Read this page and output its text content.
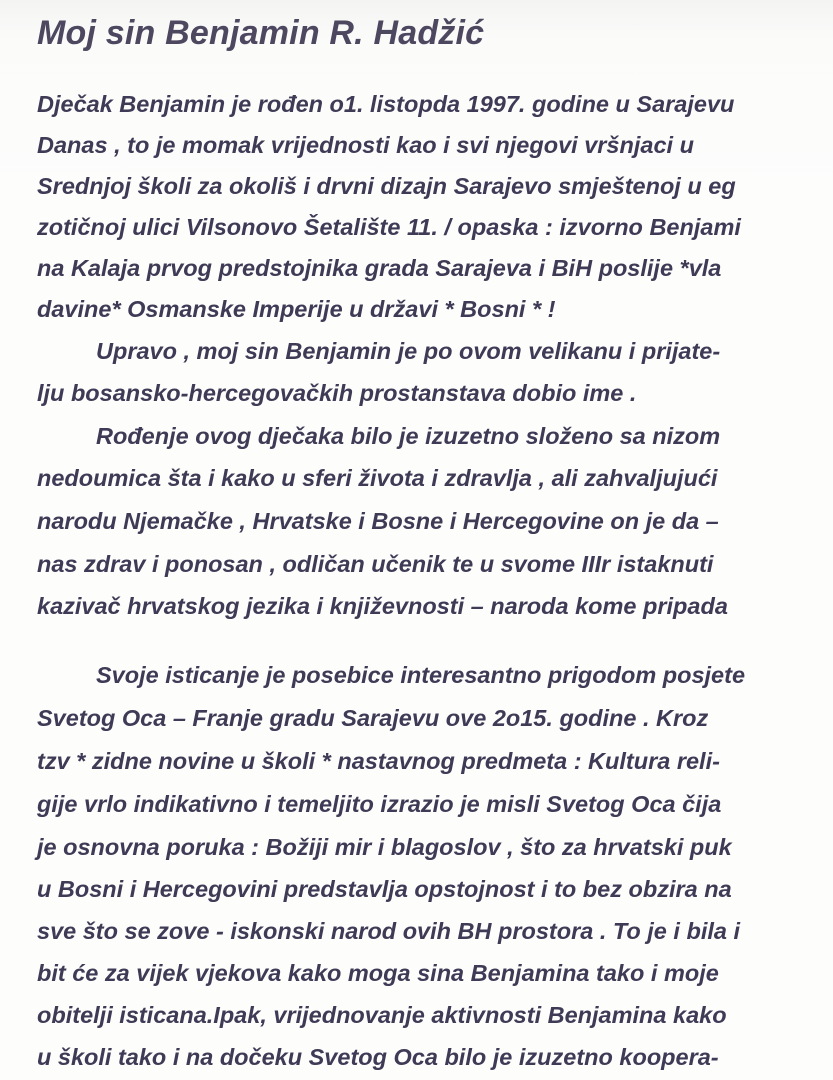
Moj sin Benjamin R. Hadžić
Dječak Benjamin je rođen o1. listopda 1997. godine u Sarajevu
Danas , to je momak vrijednosti kao i svi njegovi vršnjaci u
Srednjoj školi za okoliš i drvni dizajn Sarajevo smještenoj u eg
zotičnoj ulici Vilsonovo Šetalište 11. / opaska : izvorno Benjami
na Kalaja prvog predstojnika grada Sarajeva i BiH poslije *vla
davine* Osmanske Imperije u državi * Bosni * !
Upravo , moj sin Benjamin je po ovom velikanu i prijate-
lju bosansko-hercegovačkih prostanstava dobio ime .
Rođenje ovog dječaka bilo je izuzetno složeno sa nizom
nedoumica šta i kako u sferi života i zdravlja , ali zahvaljujući
narodu Njemačke , Hrvatske i Bosne i Hercegovine on je da –
nas zdrav i ponosan , odličan učenik te u svome IIIr istaknuti
kazivač hrvatskog jezika i književnosti – naroda kome pripada
Svoje isticanje je posebice interesantno prigodom posjete
Svetog Oca – Franje gradu Sarajevu ove 2o15. godine . Kroz
tzv * zidne novine u školi * nastavnog predmeta : Kultura reli-
gije vrlo indikativno i temeljito izrazio je misli Svetog Oca čija
je osnovna poruka : Božiji mir i blagoslov , što za hrvatski puk
u Bosni i Hercegovini predstavlja opstojnost i to bez obzira na
sve što se zove - iskonski narod ovih BH prostora . To je i bila i
bit će za vijek vjekova kako moga sina Benjamina tako i moje
obitelji isticana.Ipak, vrijednovanje aktivnosti Benjamina kako
u školi tako i na dočeku Svetog Oca bilo je izuzetno koopera-
